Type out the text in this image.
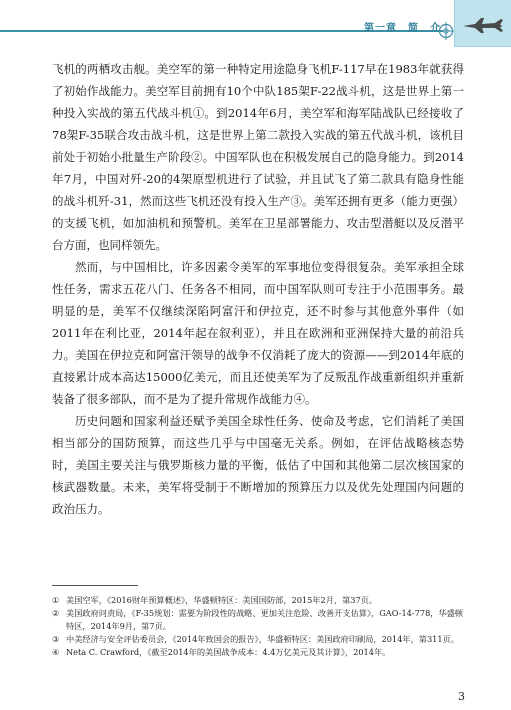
第一章　简　介

飞机的两栖攻击舰。美空军的第一种特定用途隐身飞机F-117早在1983年就获得了初始作战能力。美空军目前拥有10个中队185架F-22战斗机，这是世界上第一种投入实战的第五代战斗机①。到2014年6月，美空军和海军陆战队已经接收了78架F-35联合攻击战斗机，这是世界上第二款投入实战的第五代战斗机，该机目前处于初始小批量生产阶段②。中国军队也在积极发展自己的隐身能力。到2014年7月，中国对歼-20的4架原型机进行了试验，并且试飞了第二款具有隐身性能的战斗机歼-31，然而这些飞机还没有投入生产③。美军还拥有更多（能力更强）的支援飞机，如加油机和预警机。美军在卫星部署能力、攻击型潜艇以及反潜平台方面，也同样领先。

然而，与中国相比，许多因素令美军的军事地位变得很复杂。美军承担全球性任务，需求五花八门、任务各不相同，而中国军队则可专注于小范围事务。最明显的是，美军不仅继续深陷阿富汗和伊拉克，还不时参与其他意外事件（如2011年在利比亚，2014年起在叙利亚），并且在欧洲和亚洲保持大量的前沿兵力。美国在伊拉克和阿富汗领导的战争不仅消耗了庞大的资源——到2014年底的直接累计成本高达15000亿美元，而且还使美军为了反叛乱作战重新组织并重新装备了很多部队，而不是为了提升常规作战能力④。

历史问题和国家利益还赋予美国全球性任务、使命及考虑，它们消耗了美国相当部分的国防预算，而这些几乎与中国毫无关系。例如，在评估战略核态势时，美国主要关注与俄罗斯核力量的平衡，低估了中国和其他第二层次核国家的核武器数量。未来，美军将受制于不断增加的预算压力以及优先处理国内问题的政治压力。

① 美国空军，《2016财年预算概述》，华盛顿特区：美国国防部，2015年2月，第37页。
② 美国政府问责局，《F-35规划：需要为阶段性的战略、更加关注危险、改善开支估算》，GAO-14-778，华盛顿特区，2014年9月，第7页。
③ 中美经济与安全评估委员会，《2014年致国会的报告》，华盛顿特区：美国政府印刷局，2014年，第311页。
④ Neta C. Crawford，《截至2014年的美国战争成本：4.4万亿美元及其计算》，2014年。
3
